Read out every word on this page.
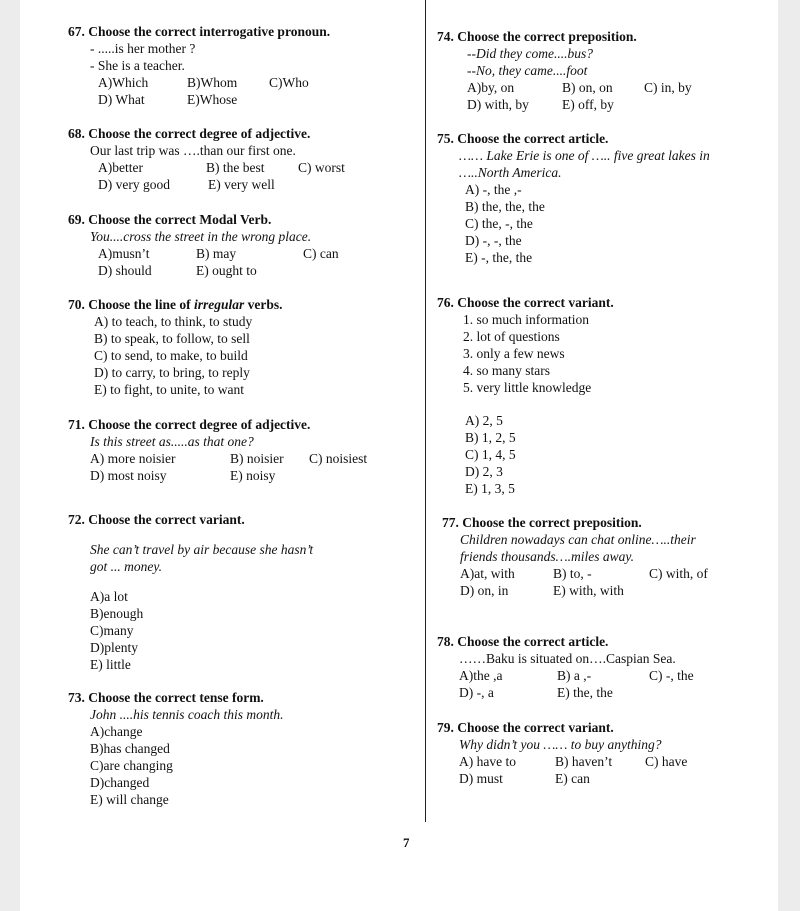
67. Choose the correct interrogative pronoun.
- .....is her mother ?
- She is a teacher.
A)Which	B)Whom C)Who
D) What	E)Whose
68. Choose the correct degree of adjective.
Our last trip was ….than our first one.
A)better	B) the best C) worst
D) very good	E) very well
69. Choose the correct Modal Verb.
You....cross the street in the wrong place.
A)musn’t	B) may	C) can
D) should	E) ought to
70. Choose the line of irregular verbs.
A) to teach, to think, to study
B) to speak, to follow, to sell
C) to send, to make, to build
D) to carry, to bring, to reply
E) to fight, to unite, to want
71. Choose the correct degree of adjective.
Is this street as.....as that one?
A) more noisier	B) noisier C) noisiest
D) most noisy	E) noisy
72. Choose the correct variant.
She can’t travel by air because she hasn’t
got ... money.
A)a lot
B)enough
C)many
D)plenty
E) little
73. Choose the correct tense form.
John ....his tennis coach this month.
A)change
B)has changed
C)are changing
D)changed
E) will change
74. Choose the correct preposition.
--Did they come....bus?
--No, they came....foot
A)by, on	B) on, on C) in, by
D) with, by E) off, by
75. Choose the correct article.
…… Lake Erie is one of ….. five great lakes in
…..North America.
A) -, the ,-
B) the, the, the
C) the, -, the
D) -, -, the
E) -, the, the
76. Choose the correct variant.
1. so much information
2. lot of questions
3. only a few news
4. so many stars
5. very little knowledge
A) 2, 5
B) 1, 2, 5
C) 1, 4, 5
D) 2, 3
E) 1, 3, 5
77. Choose the correct preposition.
Children nowadays can chat online…..their
friends thousands….miles away.
A)at, with	B) to, -	C) with, of
D) on, in	E) with, with
78. Choose the correct article.
……Baku is situated on….Caspian Sea.
A)the ,a	B) a ,-	C) -, the
D) -, a	E) the, the
79. Choose the correct variant.
Why didn’t you …… to buy anything?
A) have to	B) haven’t C) have
D) must	E) can
7
